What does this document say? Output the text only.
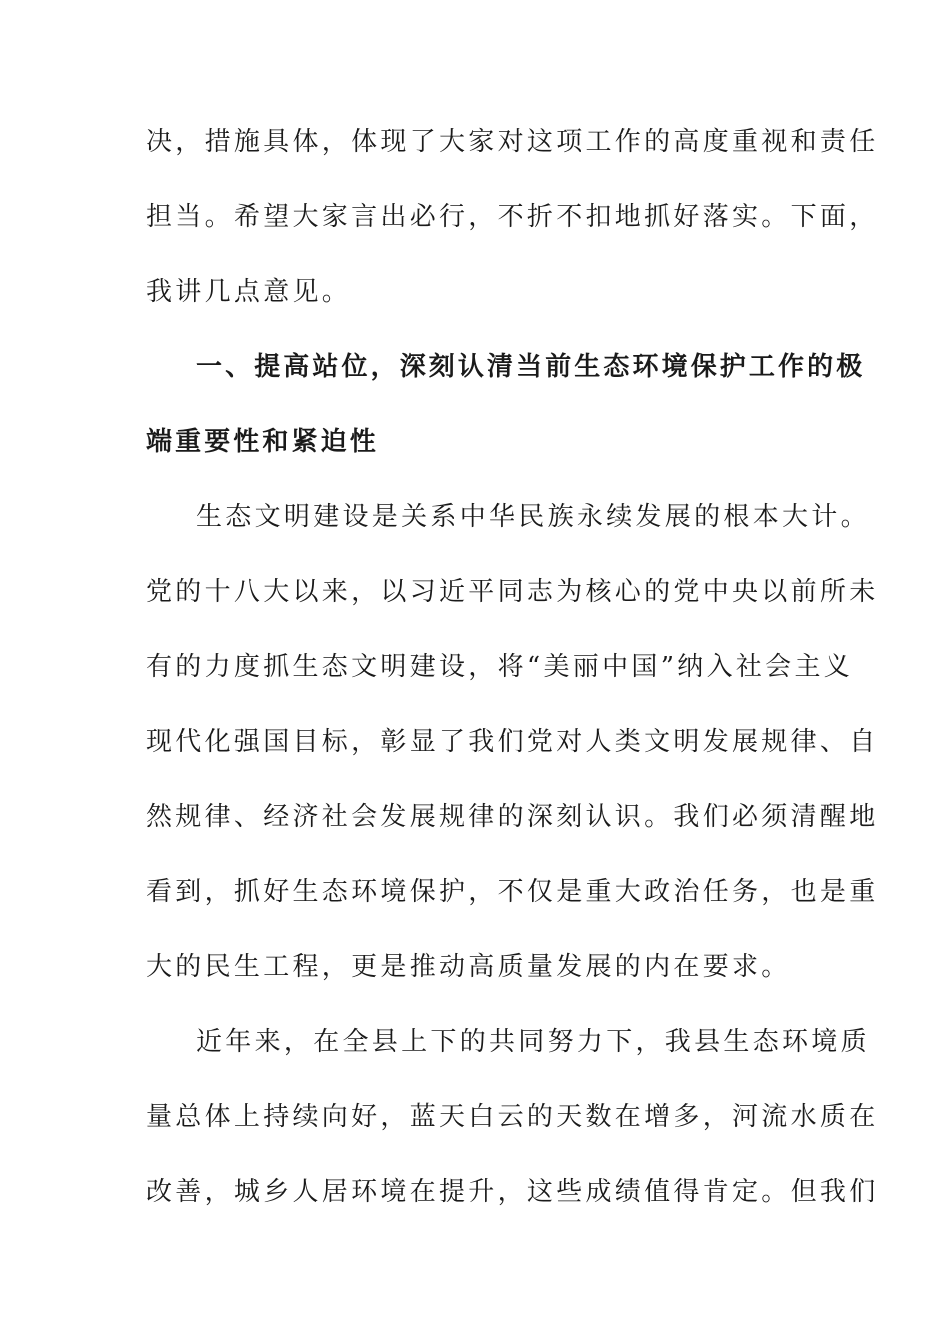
决，措施具体，体现了大家对这项工作的高度重视和责任
担当。希望大家言出必行，不折不扣地抓好落实。下面，
我讲几点意见。
一、提高站位，深刻认清当前生态环境保护工作的极
端重要性和紧迫性
生态文明建设是关系中华民族永续发展的根本大计。
党的十八大以来，以习近平同志为核心的党中央以前所未
有的力度抓生态文明建设，将“美丽中国”纳入社会主义
现代化强国目标，彰显了我们党对人类文明发展规律、自
然规律、经济社会发展规律的深刻认识。我们必须清醒地
看到，抓好生态环境保护，不仅是重大政治任务，也是重
大的民生工程，更是推动高质量发展的内在要求。
近年来，在全县上下的共同努力下，我县生态环境质
量总体上持续向好，蓝天白云的天数在增多，河流水质在
改善，城乡人居环境在提升，这些成绩值得肯定。但我们
